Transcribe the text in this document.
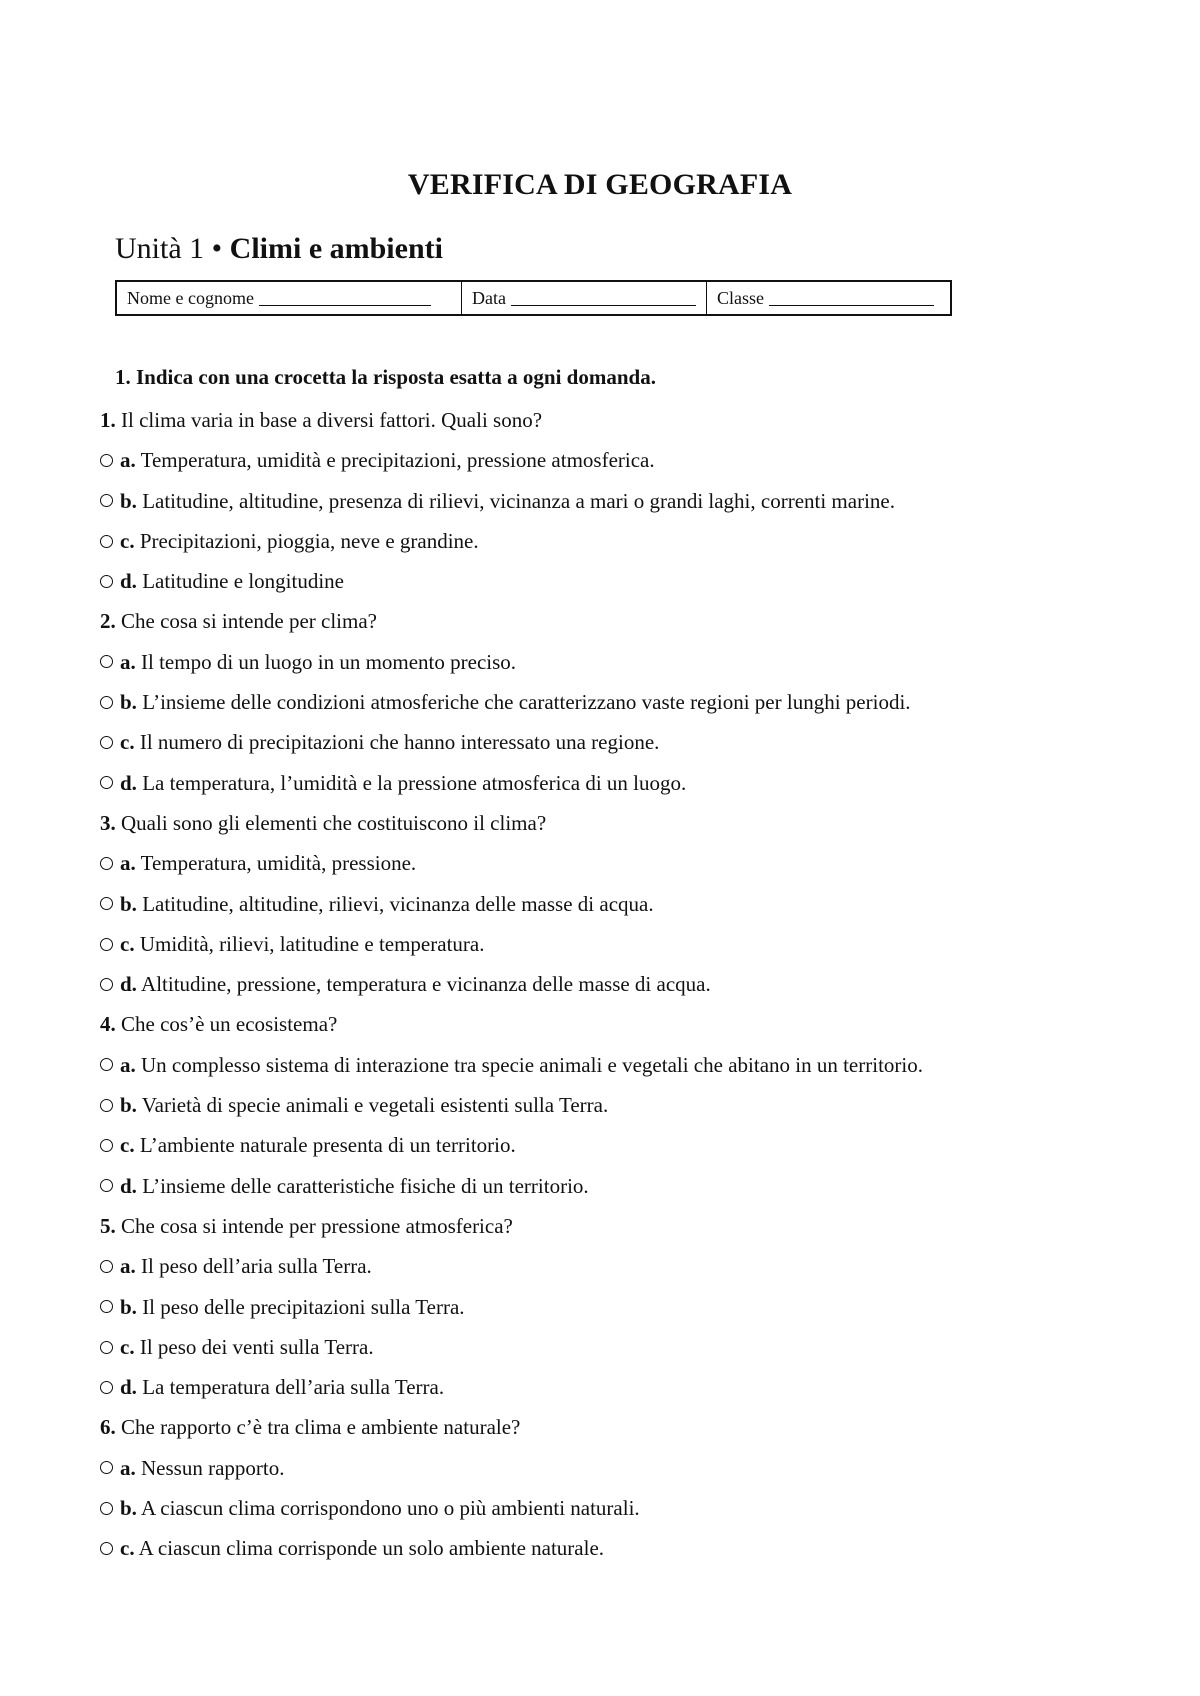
VERIFICA DI GEOGRAFIA
Unità 1 • Climi e ambienti
Nome e cognome	Data	Classe
1. Indica con una crocetta la risposta esatta a ogni domanda.
1. Il clima varia in base a diversi fattori. Quali sono?
a. Temperatura, umidità e precipitazioni, pressione atmosferica.
b. Latitudine, altitudine, presenza di rilievi, vicinanza a mari o grandi laghi, correnti marine.
c. Precipitazioni, pioggia, neve e grandine.
d. Latitudine e longitudine
2. Che cosa si intende per clima?
a. Il tempo di un luogo in un momento preciso.
b. L’insieme delle condizioni atmosferiche che caratterizzano vaste regioni per lunghi periodi.
c. Il numero di precipitazioni che hanno interessato una regione.
d. La temperatura, l’umidità e la pressione atmosferica di un luogo.
3. Quali sono gli elementi che costituiscono il clima?
a. Temperatura, umidità, pressione.
b. Latitudine, altitudine, rilievi, vicinanza delle masse di acqua.
c. Umidità, rilievi, latitudine e temperatura.
d. Altitudine, pressione, temperatura e vicinanza delle masse di acqua.
4. Che cos’è un ecosistema?
a. Un complesso sistema di interazione tra specie animali e vegetali che abitano in un territorio.
b. Varietà di specie animali e vegetali esistenti sulla Terra.
c. L’ambiente naturale presenta di un territorio.
d. L’insieme delle caratteristiche fisiche di un territorio.
5. Che cosa si intende per pressione atmosferica?
a. Il peso dell’aria sulla Terra.
b. Il peso delle precipitazioni sulla Terra.
c. Il peso dei venti sulla Terra.
d. La temperatura dell’aria sulla Terra.
6. Che rapporto c’è tra clima e ambiente naturale?
a. Nessun rapporto.
b. A ciascun clima corrispondono uno o più ambienti naturali.
c. A ciascun clima corrisponde un solo ambiente naturale.
